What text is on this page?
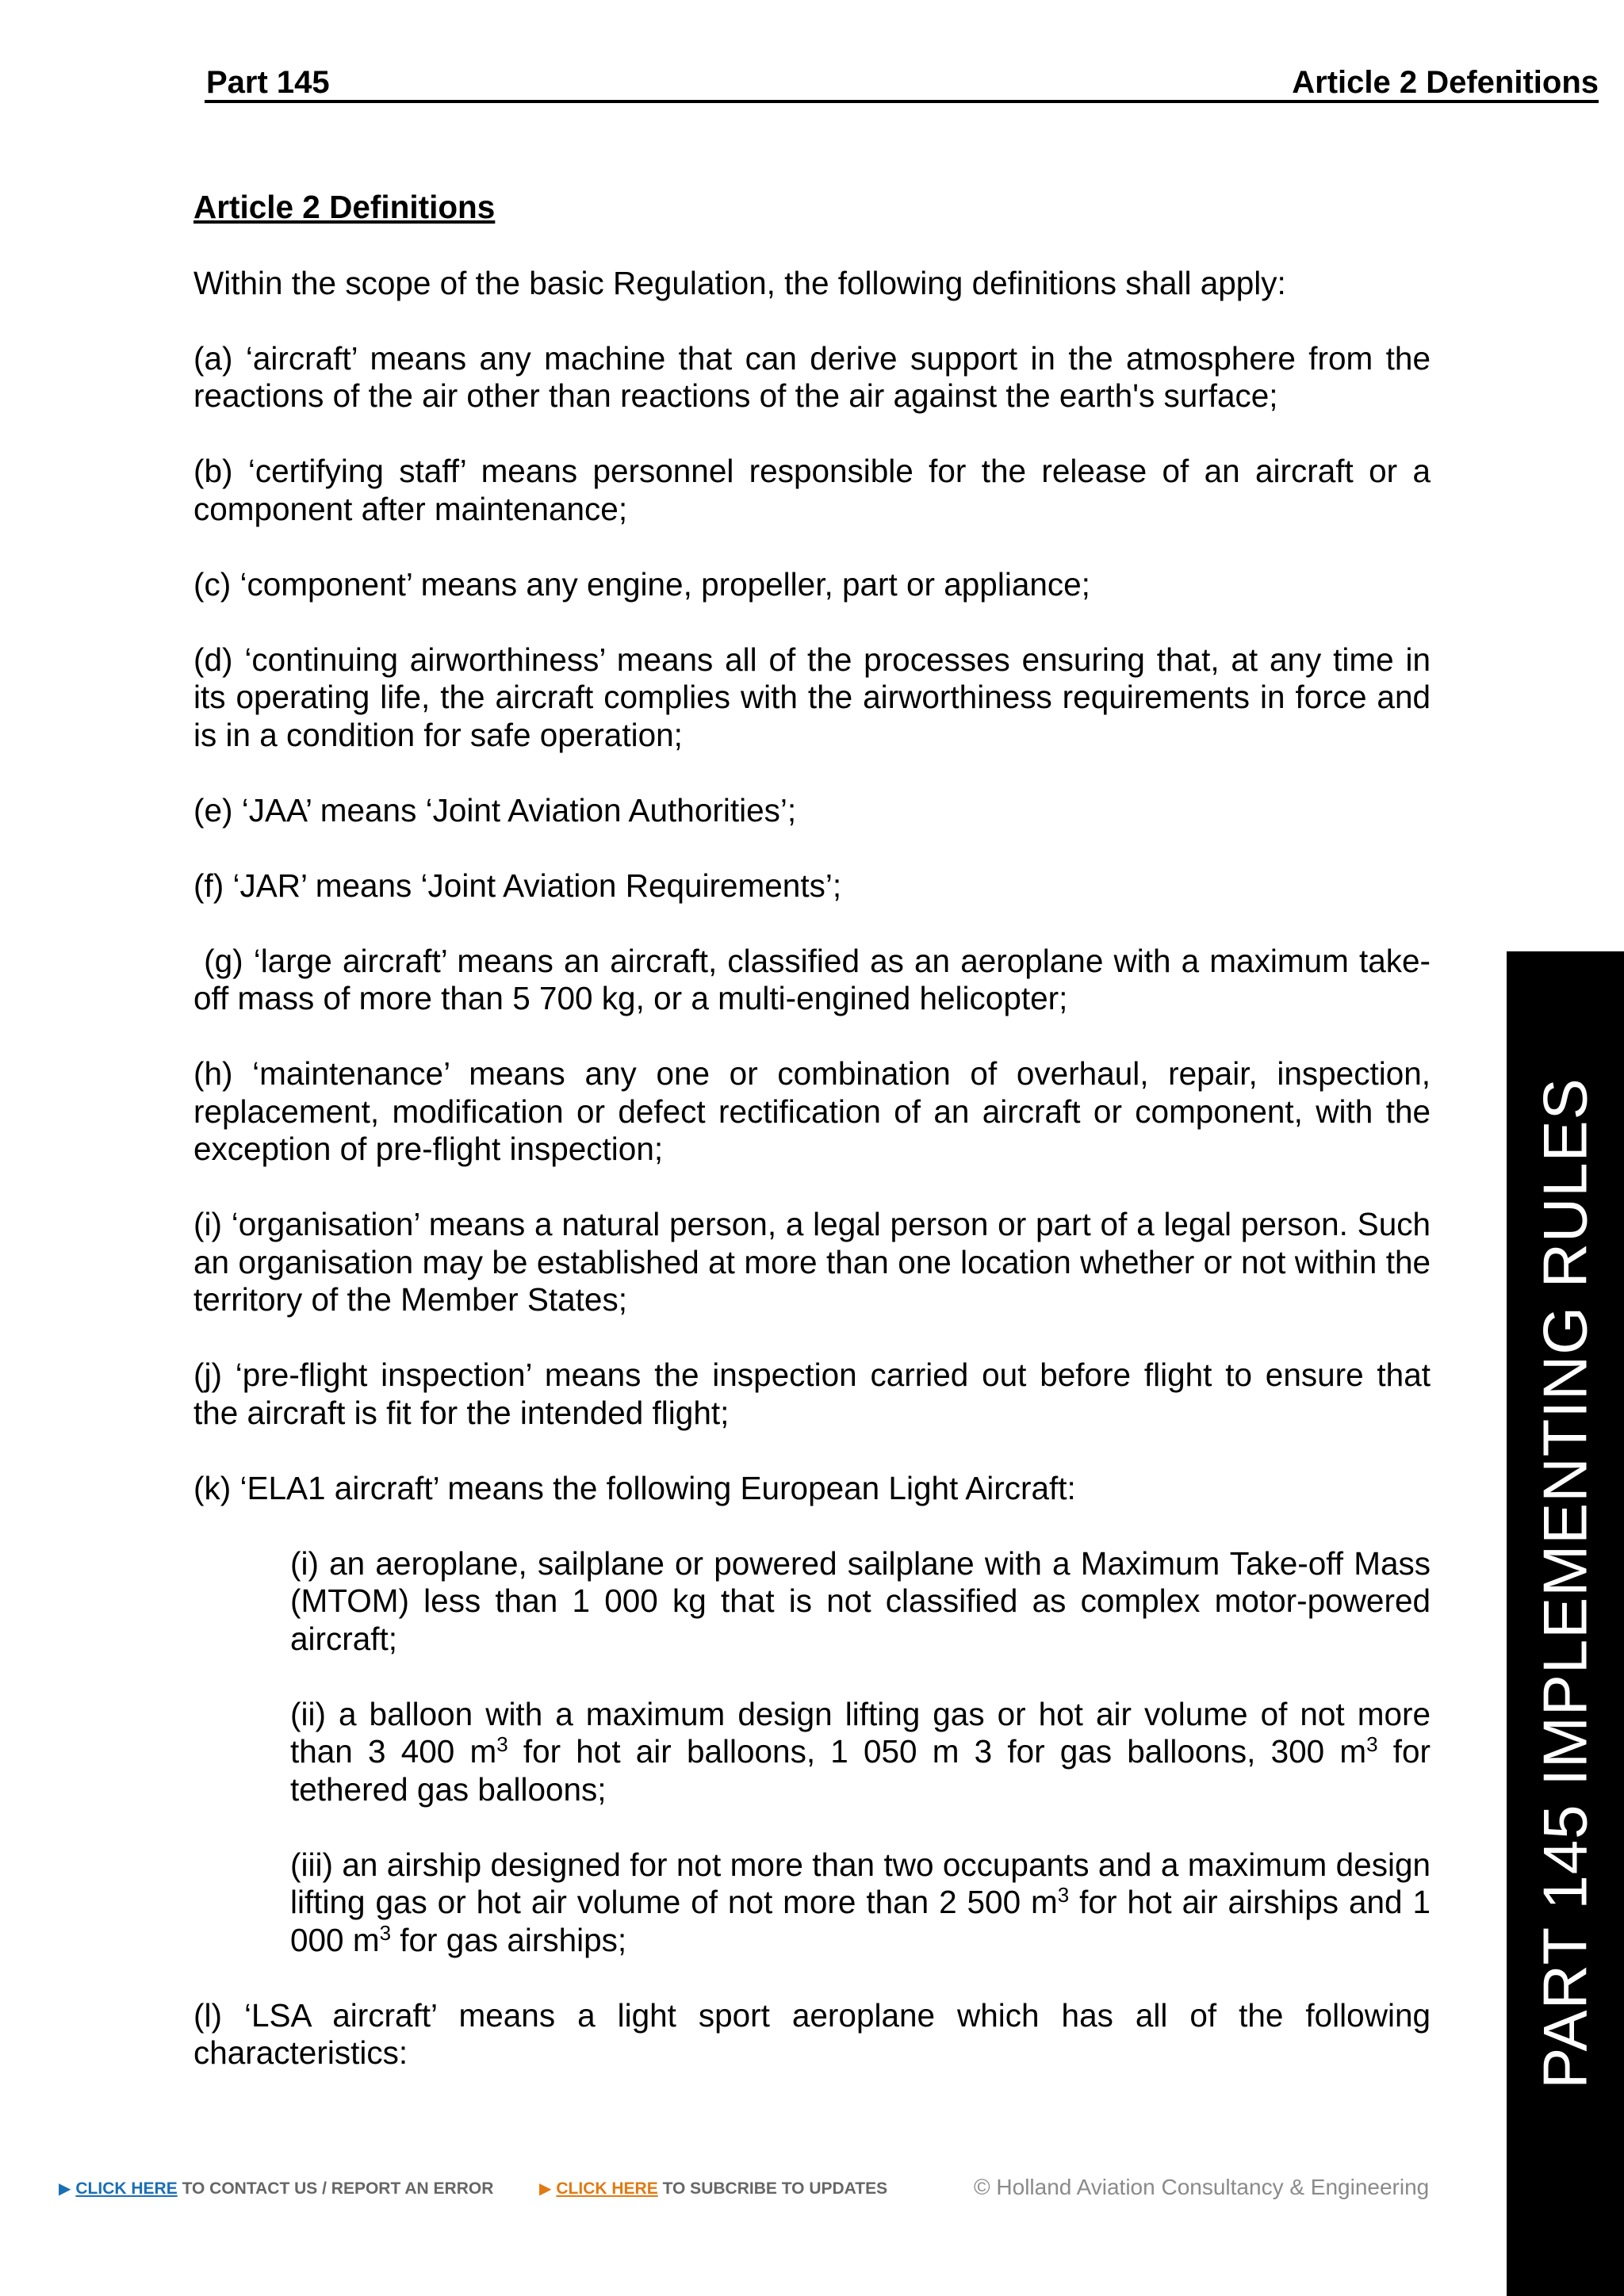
Part 145	Article 2 Defenitions
Article 2 Definitions
Within the scope of the basic Regulation, the following definitions shall apply:
(a) ‘aircraft’ means any machine that can derive support in the atmosphere from the reactions of the air other than reactions of the air against the earth's surface;
(b) ‘certifying staff’ means personnel responsible for the release of an aircraft or a component after maintenance;
(c) ‘component’ means any engine, propeller, part or appliance;
(d) ‘continuing airworthiness’ means all of the processes ensuring that, at any time in its operating life, the aircraft complies with the airworthiness requirements in force and is in a condition for safe operation;
(e) ‘JAA’ means ‘Joint Aviation Authorities’;
(f) ‘JAR’ means ‘Joint Aviation Requirements’;
(g) ‘large aircraft’ means an aircraft, classified as an aeroplane with a maximum take-off mass of more than 5 700 kg, or a multi-engined helicopter;
(h) ‘maintenance’ means any one or combination of overhaul, repair, inspection, replacement, modification or defect rectification of an aircraft or component, with the exception of pre-flight inspection;
(i) ‘organisation’ means a natural person, a legal person or part of a legal person. Such an organisation may be established at more than one location whether or not within the territory of the Member States;
(j) ‘pre-flight inspection’ means the inspection carried out before flight to ensure that the aircraft is fit for the intended flight;
(k) ‘ELA1 aircraft’ means the following European Light Aircraft:
(i) an aeroplane, sailplane or powered sailplane with a Maximum Take-off Mass (MTOM) less than 1 000 kg that is not classified as complex motor-powered aircraft;
(ii) a balloon with a maximum design lifting gas or hot air volume of not more than 3 400 $m^3$ for hot air balloons, 1 050 m 3 for gas balloons, 300 $m^3$ for tethered gas balloons;
(iii) an airship designed for not more than two occupants and a maximum design lifting gas or hot air volume of not more than 2 500 $m^3$ for hot air airships and 1 000 $m^3$ for gas airships;
(l) ‘LSA aircraft’ means a light sport aeroplane which has all of the following characteristics:	PART 145 IMPLEMENTING RULES
▶ CLICK HERE TO CONTACT US / REPORT AN ERROR	▶ CLICK HERE TO SUBCRIBE TO UPDATES	© Holland Aviation Consultancy & Engineering
